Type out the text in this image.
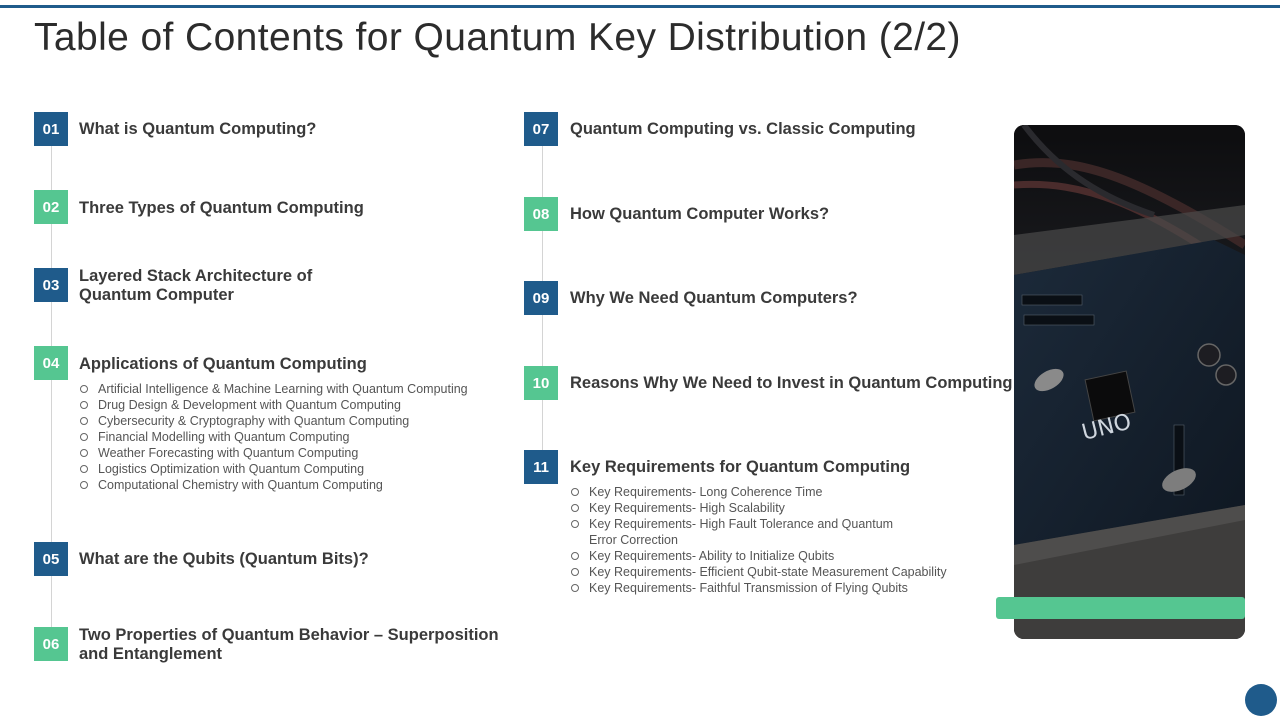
Table of Contents for Quantum Key Distribution (2/2)
01	What is Quantum Computing?
02	Three Types of Quantum Computing
03	Layered Stack Architecture of
Quantum Computer
04	Applications of Quantum Computing
Artificial Intelligence & Machine Learning with Quantum Computing
Drug Design & Development with Quantum Computing
Cybersecurity & Cryptography with Quantum Computing
Financial Modelling with Quantum Computing
Weather Forecasting with Quantum Computing
Logistics Optimization with Quantum Computing
Computational Chemistry with Quantum Computing
05	What are the Qubits (Quantum Bits)?
06	Two Properties of Quantum Behavior – Superposition
and Entanglement
07	Quantum Computing vs. Classic Computing
08	How Quantum Computer Works?
09	Why We Need Quantum Computers?
10	Reasons Why We Need to Invest in Quantum Computing
11	Key Requirements for Quantum Computing
Key Requirements- Long Coherence Time
Key Requirements- High Scalability
Key Requirements- High Fault Tolerance and Quantum
Error Correction
Key Requirements- Ability to Initialize Qubits
Key Requirements- Efficient Qubit-state Measurement Capability
Key Requirements- Faithful Transmission of Flying Qubits
UNO
